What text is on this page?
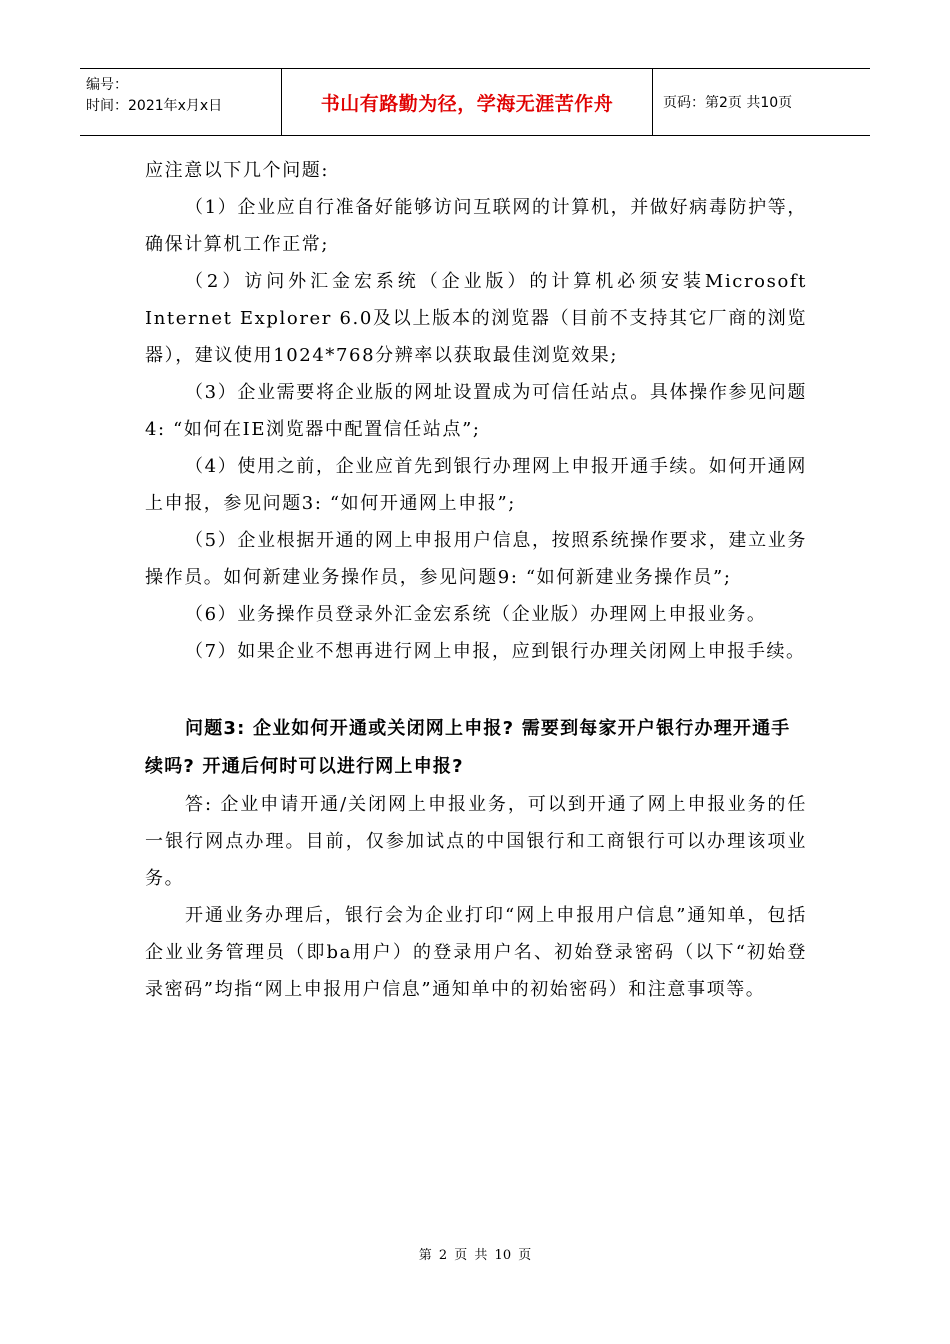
编号：
时间：2021年x月x日	书山有路勤为径，学海无涯苦作舟	页码：第2页 共10页

应注意以下几个问题:

（1）企业应自行准备好能够访问互联网的计算机，并做好病毒防护等，确保计算机工作正常;

（2）访问外汇金宏系统（企业版）的计算机必须安装Microsoft Internet Explorer 6.0及以上版本的浏览器（目前不支持其它厂商的浏览器），建议使用1024*768分辨率以获取最佳浏览效果;

（3）企业需要将企业版的网址设置成为可信任站点。具体操作参见问题4: “如何在IE浏览器中配置信任站点”;

（4）使用之前，企业应首先到银行办理网上申报开通手续。如何开通网上申报，参见问题3: “如何开通网上申报”;

（5）企业根据开通的网上申报用户信息，按照系统操作要求，建立业务操作员。如何新建业务操作员，参见问题9: “如何新建业务操作员”;

（6）业务操作员登录外汇金宏系统（企业版）办理网上申报业务。

（7）如果企业不想再进行网上申报，应到银行办理关闭网上申报手续。

问题3: 企业如何开通或关闭网上申报? 需要到每家开户银行办理开通手续吗? 开通后何时可以进行网上申报?

答: 企业申请开通/关闭网上申报业务，可以到开通了网上申报业务的任一银行网点办理。目前，仅参加试点的中国银行和工商银行可以办理该项业务。

开通业务办理后，银行会为企业打印“网上申报用户信息”通知单，包括企业业务管理员（即ba用户）的登录用户名、初始登录密码（以下“初始登录密码”均指“网上申报用户信息”通知单中的初始密码）和注意事项等。

第 2 页 共 10 页
